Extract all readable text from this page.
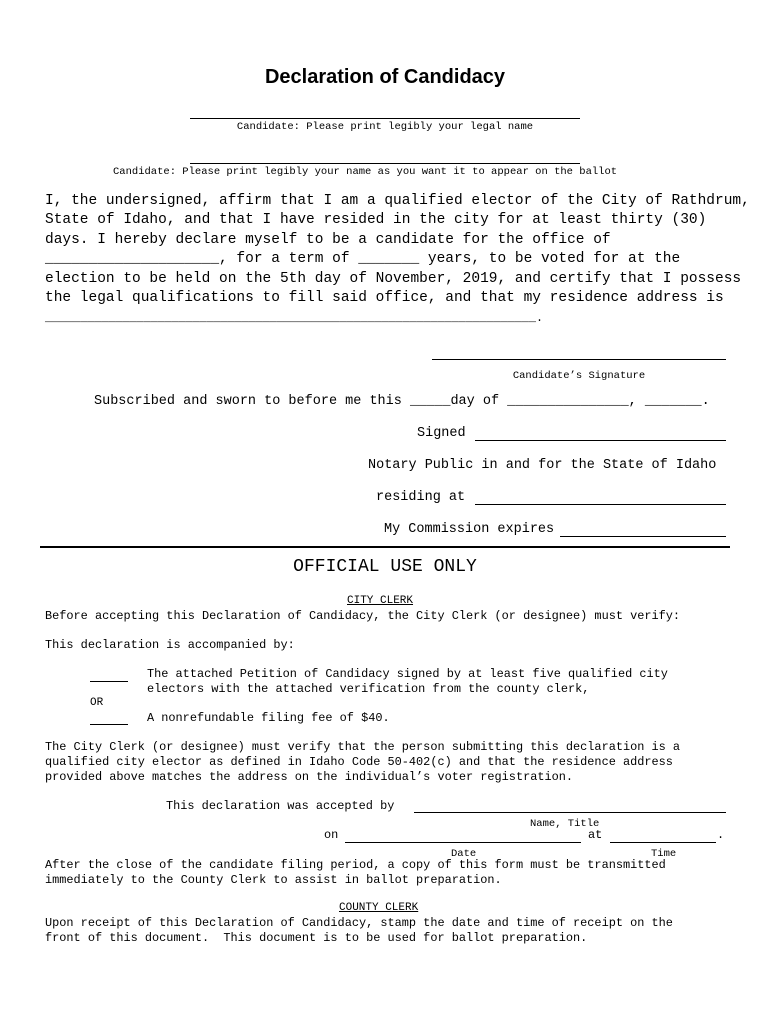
Declaration of Candidacy
Candidate: Please print legibly your legal name
Candidate: Please print legibly your name as you want it to appear on the ballot
I, the undersigned, affirm that I am a qualified elector of the City of Rathdrum,
State of Idaho, and that I have resided in the city for at least thirty (30)
days. I hereby declare myself to be a candidate for the office of
____________________, for a term of _______ years, to be voted for at the
election to be held on the 5th day of November, 2019, and certify that I possess
the legal qualifications to fill said office, and that my residence address is
______________________________________________________________________.
Candidate’s Signature
Subscribed and sworn to before me this _____day of _______________, _______.
Signed
Notary Public in and for the State of Idaho
residing at
My Commission expires
OFFICIAL USE ONLY
CITY CLERK
Before accepting this Declaration of Candidacy, the City Clerk (or designee) must verify:
This declaration is accompanied by:
The attached Petition of Candidacy signed by at least five qualified city
electors with the attached verification from the county clerk,
OR
A nonrefundable filing fee of $40.
The City Clerk (or designee) must verify that the person submitting this declaration is a
qualified city elector as defined in Idaho Code 50-402(c) and that the residence address
provided above matches the address on the individual’s voter registration.
This declaration was accepted by
Name, Title
on	at	.
Date	Time
After the close of the candidate filing period, a copy of this form must be transmitted
immediately to the County Clerk to assist in ballot preparation.
COUNTY CLERK
Upon receipt of this Declaration of Candidacy, stamp the date and time of receipt on the
front of this document.  This document is to be used for ballot preparation.
